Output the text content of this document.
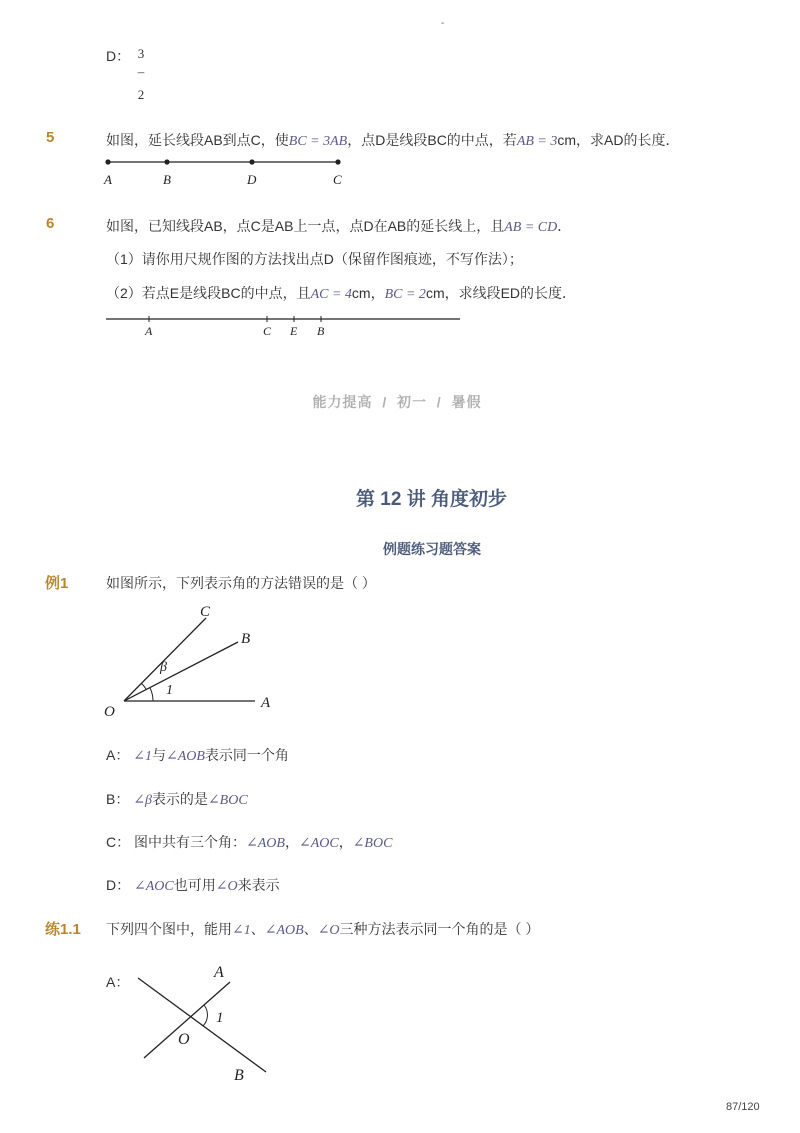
-
D： 3
–
2
5	如图，延长线段AB到点C，使BC = 3AB，点D是线段BC的中点，若AB = 3cm，求AD的长度．
A	B	D	C
6	如图，已知线段AB，点C是AB上一点，点D在AB的延长线上，且AB = CD．
（1）请你用尺规作图的方法找出点D（保留作图痕迹，不写作法）；
（2）若点E是线段BC的中点，且AC = 4cm，BC = 2cm，求线段ED的长度．
A	C E B
能力提高  /  初一  /  暑假
第 12 讲 角度初步
例题练习题答案
例1	如图所示，下列表示角的方法错误的是（ ）
C
B
β
1
O
A
A： ∠1与∠AOB表示同一个角
B： ∠β表示的是∠BOC
C： 图中共有三个角：∠AOB，∠AOC，∠BOC
D： ∠AOC也可用∠O来表示
练1.1 下列四个图中，能用∠1、∠AOB、∠O三种方法表示同一个角的是（ ）
A：
A
1
O
B
87/120
